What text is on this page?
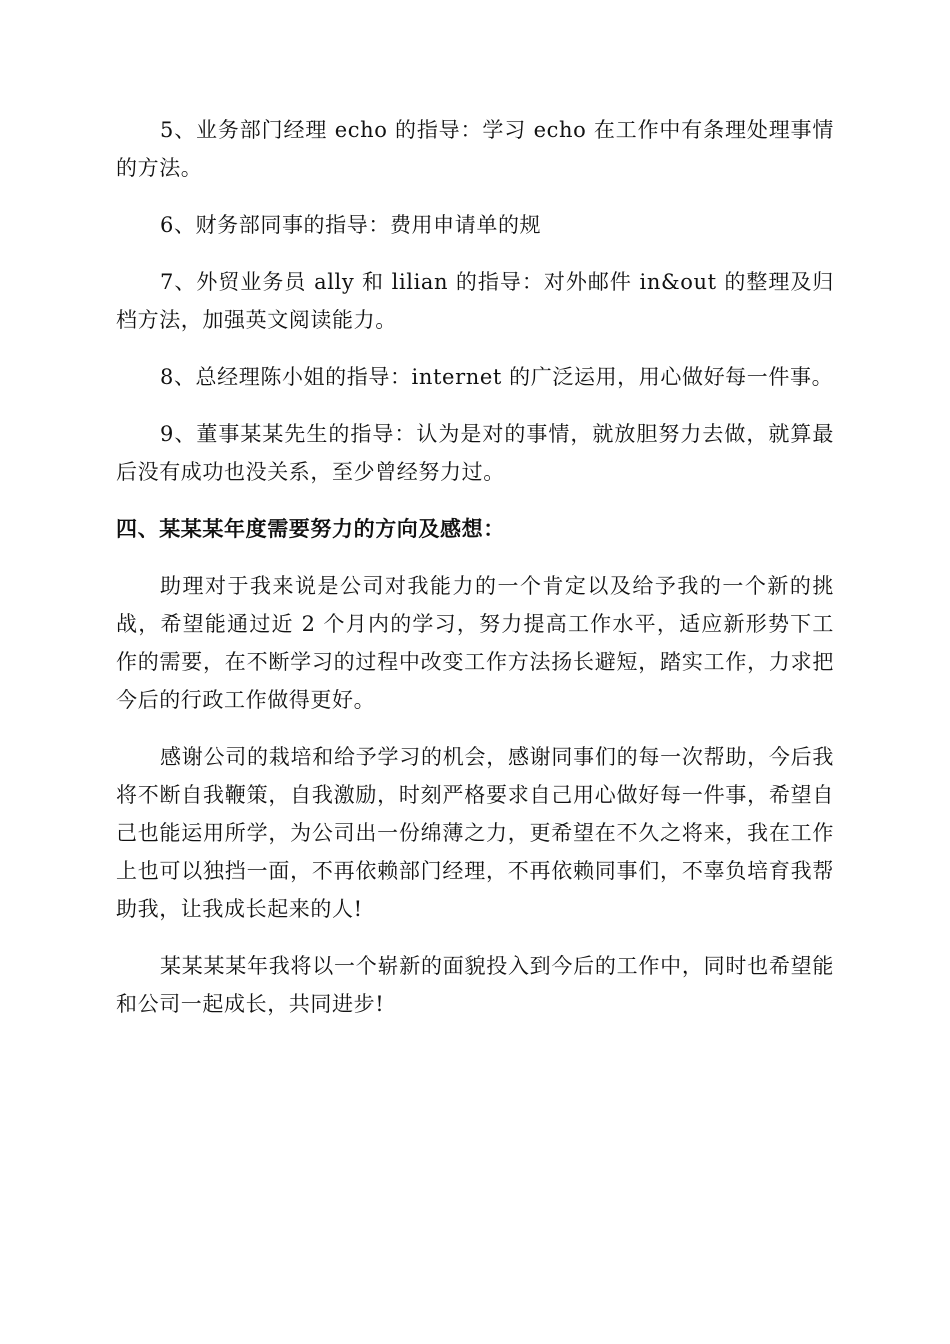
5、业务部门经理 echo 的指导：学习 echo 在工作中有条理处理事情的方法。

6、财务部同事的指导：费用申请单的规

7、外贸业务员 ally 和 lilian 的指导：对外邮件 in&out 的整理及归档方法，加强英文阅读能力。

8、总经理陈小姐的指导：internet 的广泛运用，用心做好每一件事。

9、董事某某先生的指导：认为是对的事情，就放胆努力去做，就算最后没有成功也没关系，至少曾经努力过。

四、某某某年度需要努力的方向及感想：

助理对于我来说是公司对我能力的一个肯定以及给予我的一个新的挑战，希望能通过近 2 个月内的学习，努力提高工作水平，适应新形势下工作的需要，在不断学习的过程中改变工作方法扬长避短，踏实工作，力求把今后的行政工作做得更好。

感谢公司的栽培和给予学习的机会，感谢同事们的每一次帮助，今后我将不断自我鞭策，自我激励，时刻严格要求自己用心做好每一件事，希望自己也能运用所学，为公司出一份绵薄之力，更希望在不久之将来，我在工作上也可以独挡一面，不再依赖部门经理，不再依赖同事们，不辜负培育我帮助我，让我成长起来的人!

某某某某年我将以一个崭新的面貌投入到今后的工作中，同时也希望能和公司一起成长，共同进步!
